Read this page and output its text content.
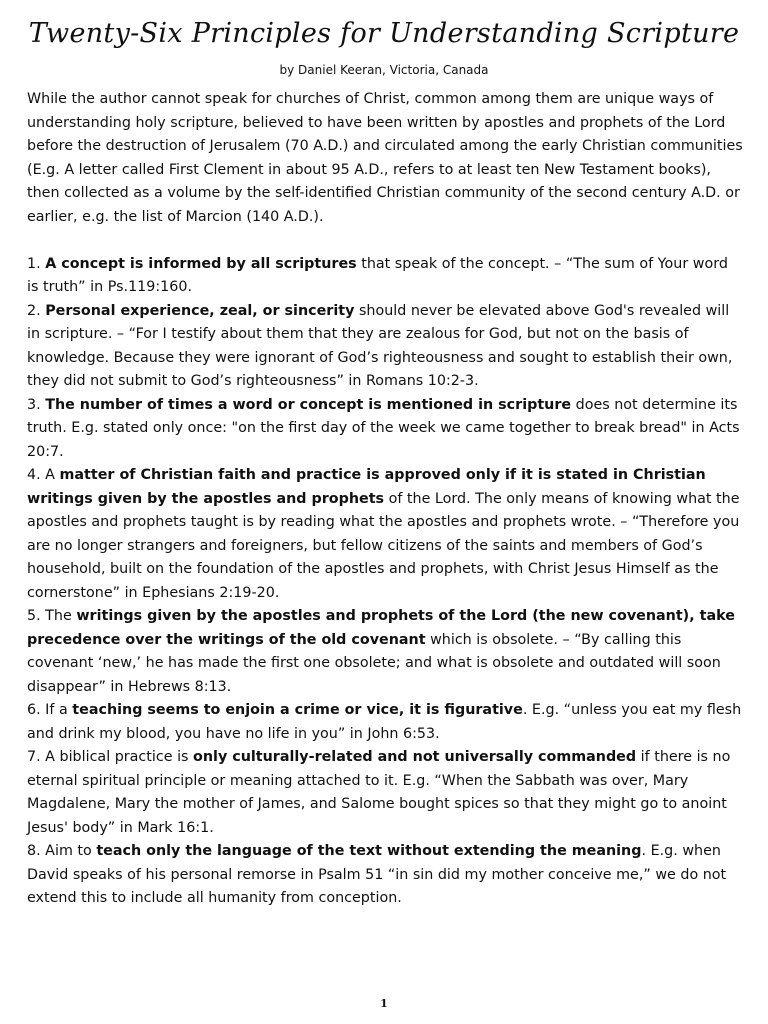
Twenty-Six Principles for Understanding Scripture

by Daniel Keeran, Victoria, Canada

While the author cannot speak for churches of Christ, common among them are unique ways of understanding holy scripture, believed to have been written by apostles and prophets of the Lord before the destruction of Jerusalem (70 A.D.) and circulated among the early Christian communities (E.g. A letter called First Clement in about 95 A.D., refers to at least ten New Testament books), then collected as a volume by the self-identified Christian community of the second century A.D. or earlier, e.g. the list of Marcion (140 A.D.).

1. A concept is informed by all scriptures that speak of the concept. – “The sum of Your word is truth” in Ps.119:160.

2. Personal experience, zeal, or sincerity should never be elevated above God's revealed will in scripture. – “For I testify about them that they are zealous for God, but not on the basis of knowledge. Because they were ignorant of God’s righteousness and sought to establish their own, they did not submit to God’s righteousness” in Romans 10:2-3.

3. The number of times a word or concept is mentioned in scripture does not determine its truth. E.g. stated only once: "on the first day of the week we came together to break bread" in Acts 20:7.

4. A matter of Christian faith and practice is approved only if it is stated in Christian writings given by the apostles and prophets of the Lord. The only means of knowing what the apostles and prophets taught is by reading what the apostles and prophets wrote. – “Therefore you are no longer strangers and foreigners, but fellow citizens of the saints and members of God’s household, built on the foundation of the apostles and prophets, with Christ Jesus Himself as the cornerstone” in Ephesians 2:19-20.

5. The writings given by the apostles and prophets of the Lord (the new covenant), take precedence over the writings of the old covenant which is obsolete. – “By calling this covenant ‘new,’ he has made the first one obsolete; and what is obsolete and outdated will soon disappear” in Hebrews 8:13.

6. If a teaching seems to enjoin a crime or vice, it is figurative. E.g. “unless you eat my flesh and drink my blood, you have no life in you” in John 6:53.

7. A biblical practice is only culturally-related and not universally commanded if there is no eternal spiritual principle or meaning attached to it. E.g. “When the Sabbath was over, Mary Magdalene, Mary the mother of James, and Salome bought spices so that they might go to anoint Jesus' body” in Mark 16:1.

8. Aim to teach only the language of the text without extending the meaning. E.g. when David speaks of his personal remorse in Psalm 51 “in sin did my mother conceive me,” we do not extend this to include all humanity from conception.

1
